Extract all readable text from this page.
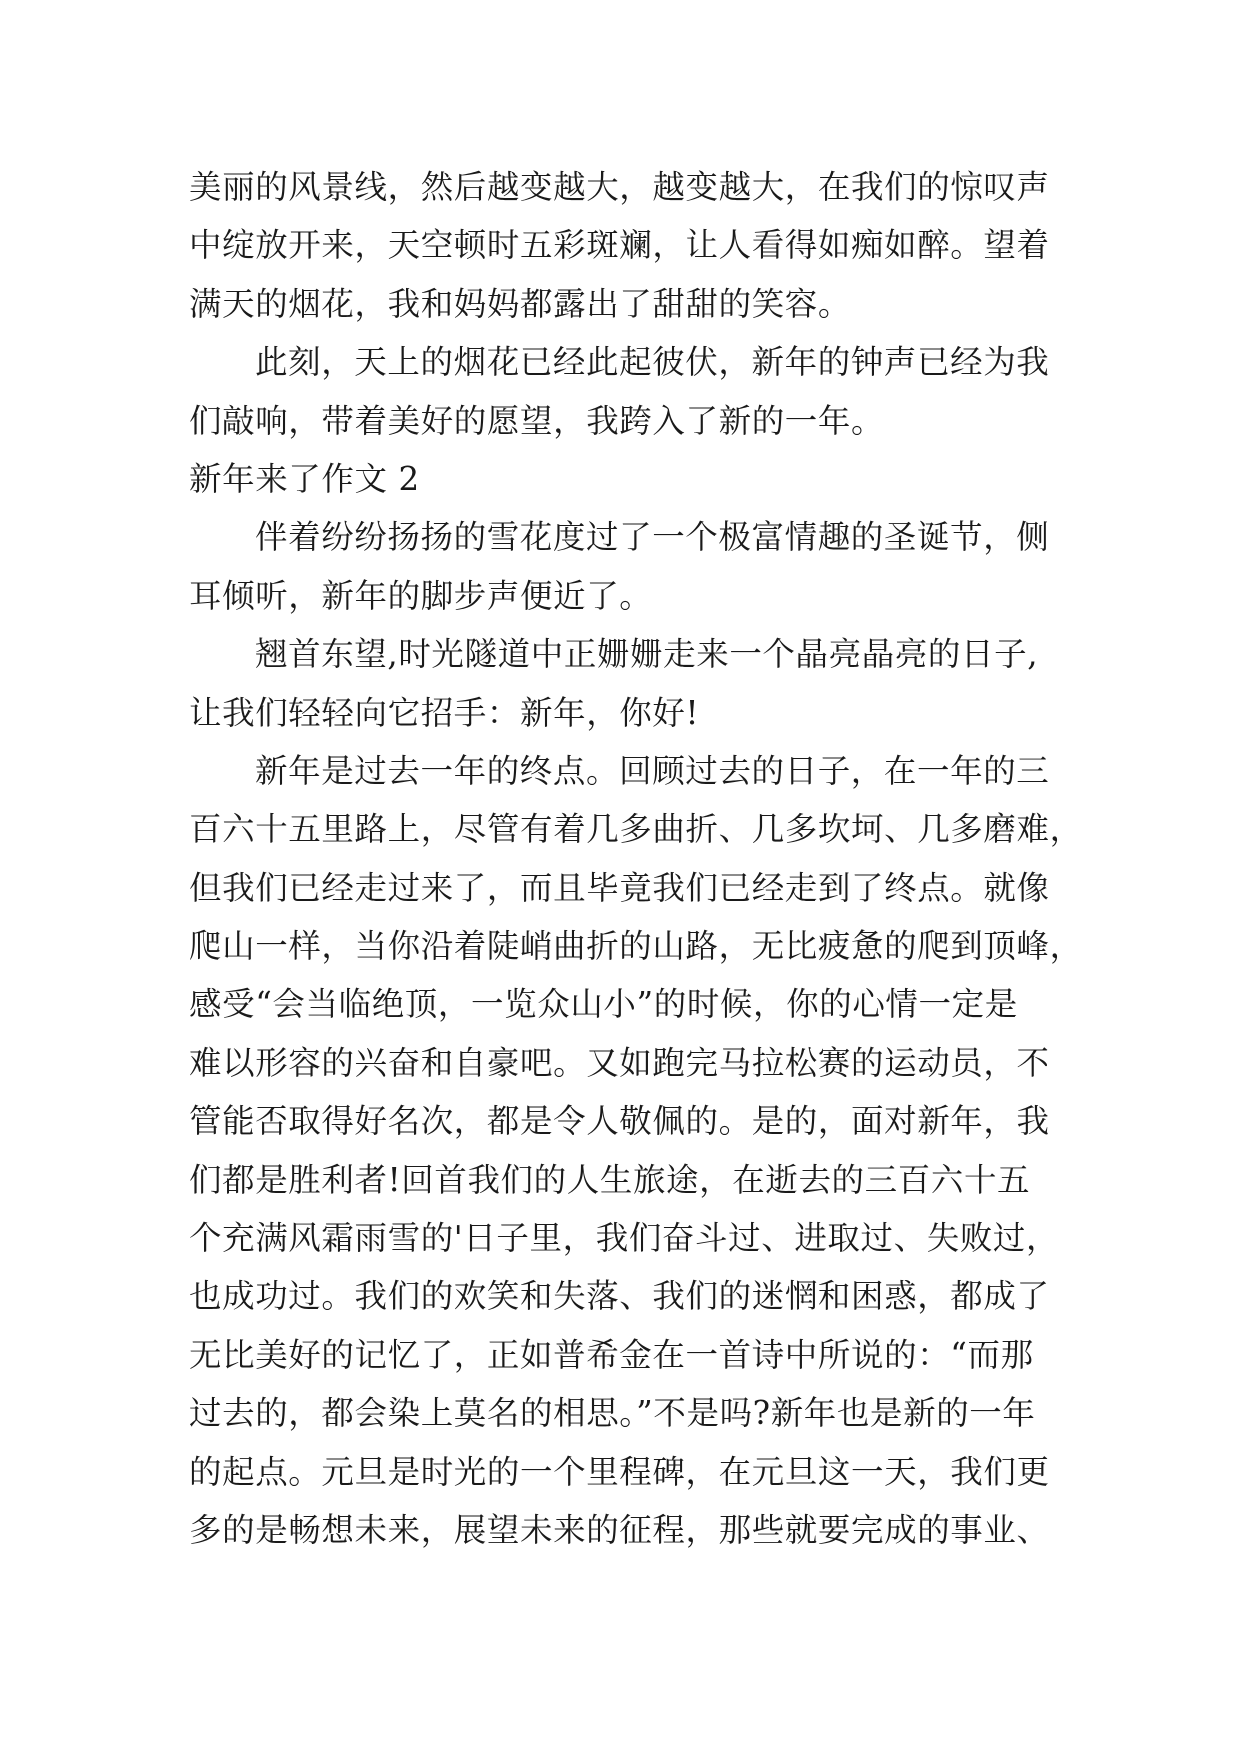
美丽的风景线，然后越变越大，越变越大，在我们的惊叹声
中绽放开来，天空顿时五彩斑斓，让人看得如痴如醉。望着
满天的烟花，我和妈妈都露出了甜甜的笑容。
此刻，天上的烟花已经此起彼伏，新年的钟声已经为我
们敲响，带着美好的愿望，我跨入了新的一年。
新年来了作文 2
伴着纷纷扬扬的雪花度过了一个极富情趣的圣诞节，侧
耳倾听，新年的脚步声便近了。
翘首东望,时光隧道中正姗姗走来一个晶亮晶亮的日子,
让我们轻轻向它招手：新年，你好!
新年是过去一年的终点。回顾过去的日子，在一年的三
百六十五里路上，尽管有着几多曲折、几多坎坷、几多磨难，
但我们已经走过来了，而且毕竟我们已经走到了终点。就像
爬山一样，当你沿着陡峭曲折的山路，无比疲惫的爬到顶峰，
感受“会当临绝顶，一览众山小”的时候，你的心情一定是
难以形容的兴奋和自豪吧。又如跑完马拉松赛的运动员，不
管能否取得好名次，都是令人敬佩的。是的，面对新年，我
们都是胜利者!回首我们的人生旅途，在逝去的三百六十五
个充满风霜雨雪的'日子里，我们奋斗过、进取过、失败过，
也成功过。我们的欢笑和失落、我们的迷惘和困惑，都成了
无比美好的记忆了，正如普希金在一首诗中所说的：“而那
过去的，都会染上莫名的相思。”不是吗?新年也是新的一年
的起点。元旦是时光的一个里程碑，在元旦这一天，我们更
多的是畅想未来，展望未来的征程，那些就要完成的事业、
